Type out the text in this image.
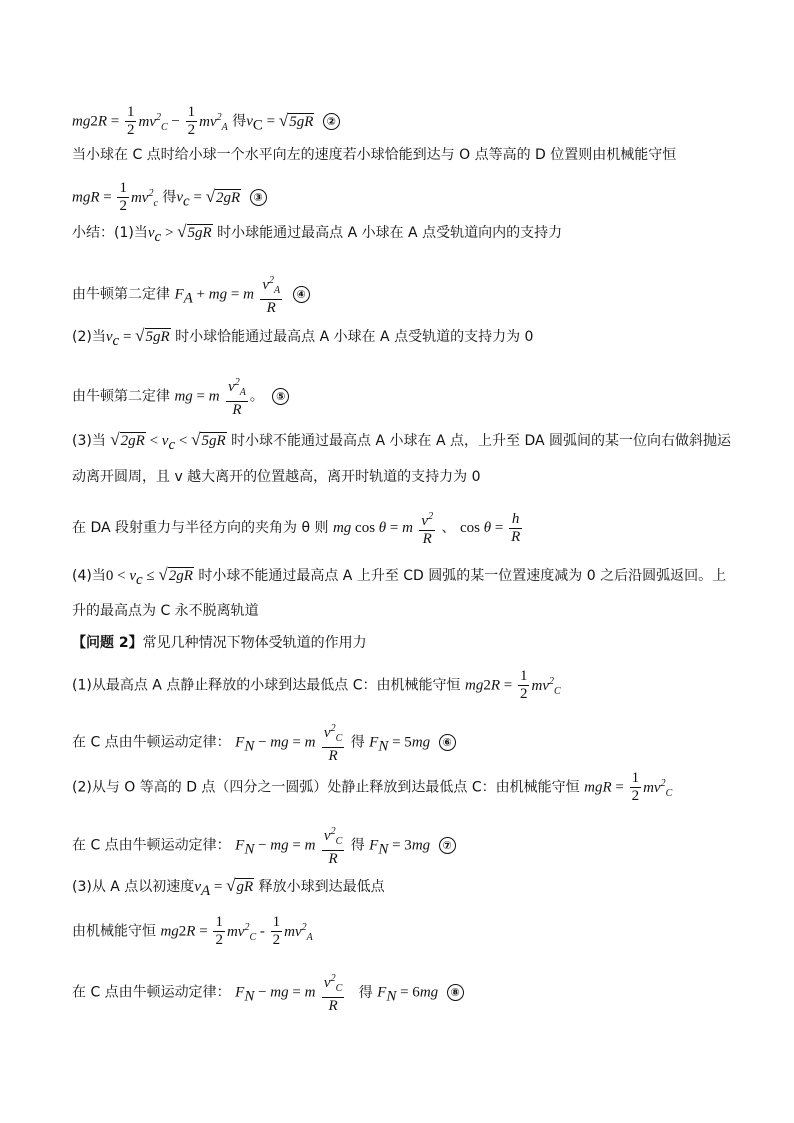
$mg2R = \frac{1}{2} mv^2_C - \frac{1}{2} mv^2_A$ 得$v_C = √5gR$ ②
当小球在 C 点时给小球一个水平向左的速度若小球恰能到达与 O 点等高的 D 位置则由机械能守恒
mgR = $\frac{1}{2} mv^2_c$ 得$v_c = √2gR$ ③
小结：(1)当$v_c > √5gR$ 时小球能通过最高点 A 小球在 A 点受轨道向内的支持力
由牛顿第二定律 $F_A$ + mg = m $\frac{v^2_A}{R}$ ④
(2)当$v_c = √5gR$ 时小球恰能通过最高点 A 小球在 A 点受轨道的支持力为 0
由牛顿第二定律 mg = m $\frac{v^2_A}{R}$ 。 ⑤
(3)当 $√2gR < v_c < √5gR$ 时小球不能通过最高点 A 小球在 A 点，上升至 DA 圆弧间的某一位向右做斜抛运
动离开圆周，且 v 越大离开的位置越高，离开时轨道的支持力为 0
在 DA 段射重力与半径方向的夹角为 θ 则 mg cos θ = m $\frac{v^2}{R}$ 、 $\cos \theta = \frac{h}{R}$
(4)当$0 < v_c \le √2gR$ 时小球不能通过最高点 A 上升至 CD 圆弧的某一位置速度减为 0 之后沿圆弧返回。上
升的最高点为 C 永不脱离轨道
【问题 2】常见几种情况下物体受轨道的作用力
(1)从最高点 A 点静止释放的小球到达最低点 C：由机械能守恒 $mg2R = \frac{1}{2} mv^2_C$
在 C 点由牛顿运动定律： $F_N$ − mg = m $\frac{v^2_C}{R}$ 得 $F_N = 5mg$ ⑥
(2)从与 O 等高的 D 点（四分之一圆弧）处静止释放到达最低点 C：由机械能守恒 mgR = $\frac{1}{2} mv^2_C$
在 C 点由牛顿运动定律： $F_N$ − mg = m $\frac{v^2_C}{R}$ 得 $F_N = 3mg$ ⑦
(3)从 A 点以初速度$v_A = √gR$ 释放小球到达最低点
由机械能守恒 $mg2R = \frac{1}{2} mv^2_C - \frac{1}{2} mv^2_A$
在 C 点由牛顿运动定律： $F_N$ − mg = m $\frac{v^2_C}{R}$ 得 $F_N = 6mg$ ⑧
